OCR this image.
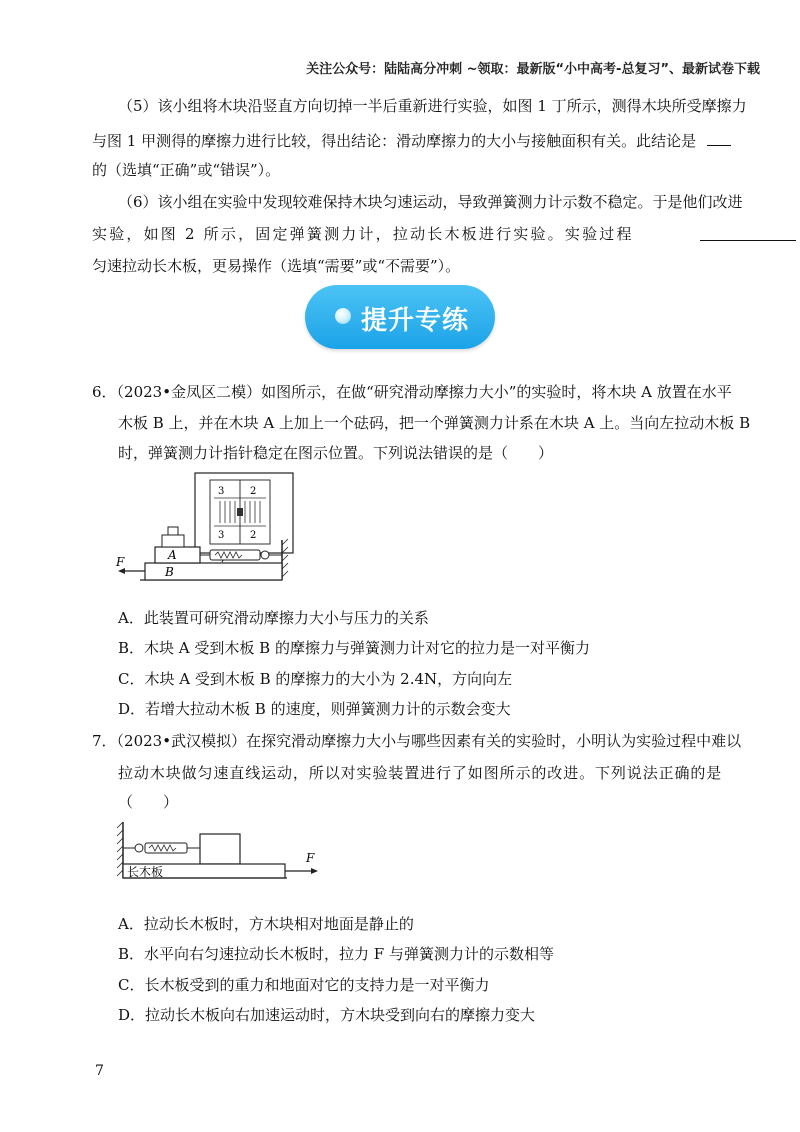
关注公众号：陆陆高分冲刺 ~领取：最新版“小中高考-总复习”、最新试卷下载
（5）该小组将木块沿竖直方向切掉一半后重新进行实验，如图 1 丁所示，测得木块所受摩擦力
与图 1 甲测得的摩擦力进行比较，得出结论：滑动摩擦力的大小与接触面积有关。此结论是
的（选填“正确”或“错误”）。
（6）该小组在实验中发现较难保持木块匀速运动，导致弹簧测力计示数不稳定。于是他们改进
实验，如图 2 所示，固定弹簧测力计，拉动长木板进行实验。实验过程
匀速拉动长木板，更易操作（选填“需要”或“不需要”）。
提升专练
6．（2023•金凤区二模）如图所示，在做“研究滑动摩擦力大小”的实验时，将木块 A 放置在水平
木板 B 上，并在木块 A 上加上一个砝码，把一个弹簧测力计系在木块 A 上。当向左拉动木板 B
时，弹簧测力计指针稳定在图示位置。下列说法错误的是（　　）
3	2
3	2
B
A
F
A．此装置可研究滑动摩擦力大小与压力的关系
B．木块 A 受到木板 B 的摩擦力与弹簧测力计对它的拉力是一对平衡力
C．木块 A 受到木板 B 的摩擦力的大小为 2.4N，方向向左
D．若增大拉动木板 B 的速度，则弹簧测力计的示数会变大
7．（2023•武汉模拟）在探究滑动摩擦力大小与哪些因素有关的实验时，小明认为实验过程中难以
拉动木块做匀速直线运动，所以对实验装置进行了如图所示的改进。下列说法正确的是
（　　）
长木板
F
A．拉动长木板时，方木块相对地面是静止的
B．水平向右匀速拉动长木板时，拉力 F 与弹簧测力计的示数相等
C．长木板受到的重力和地面对它的支持力是一对平衡力
D．拉动长木板向右加速运动时，方木块受到向右的摩擦力变大
7
